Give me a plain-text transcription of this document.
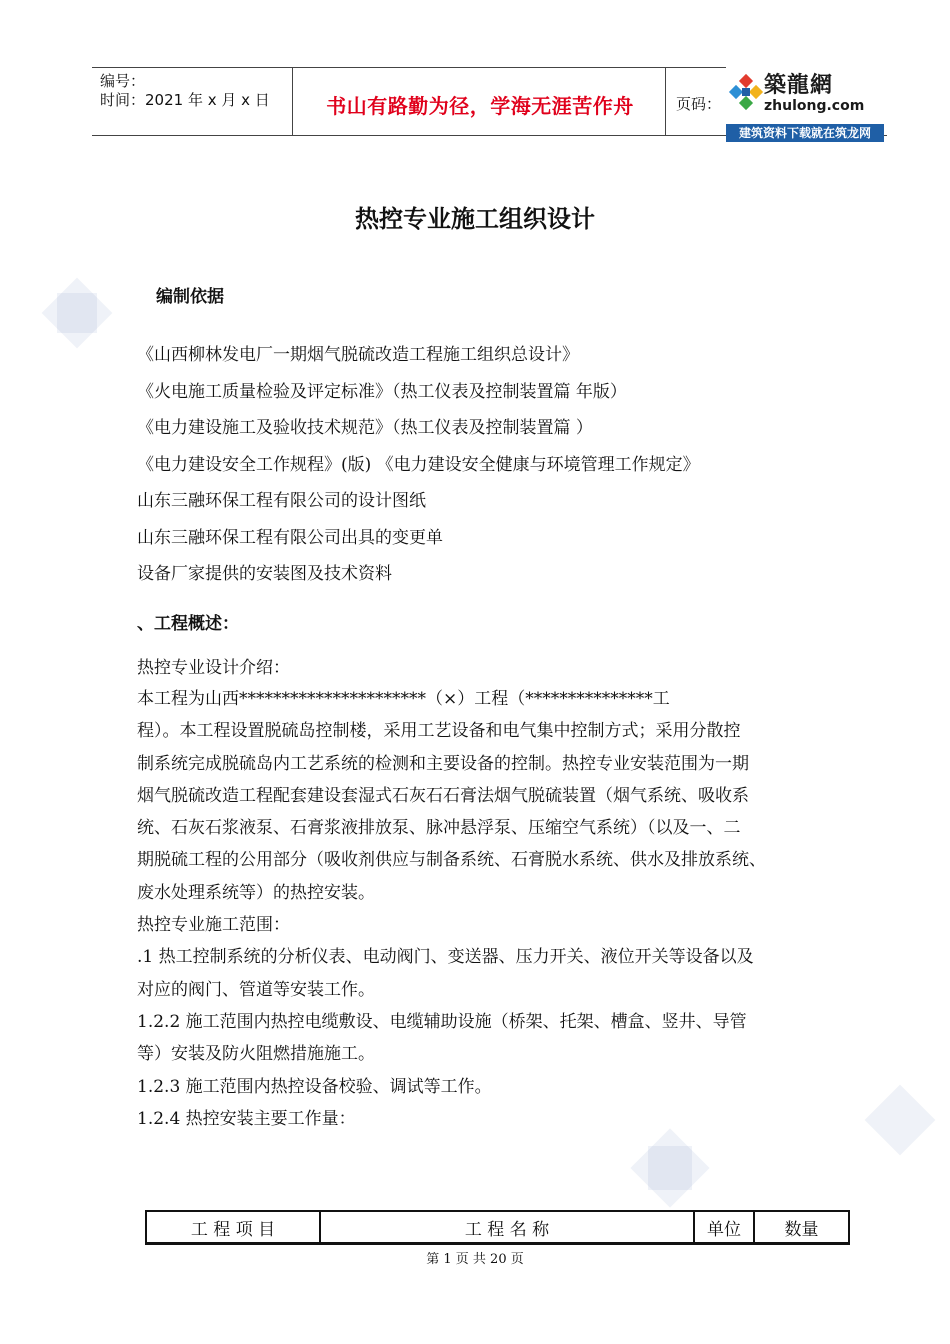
编号：
时间：2021 年 x 月 x 日	书山有路勤为径，学海无涯苦作舟	页码：
築龍網
zhulong.com
建筑资料下载就在筑龙网
热控专业施工组织设计
编制依据
《山西柳林发电厂一期烟气脱硫改造工程施工组织总设计》
《火电施工质量检验及评定标准》（热工仪表及控制装置篇 年版）
《电力建设施工及验收技术规范》（热工仪表及控制装置篇 ）
《电力建设安全工作规程》(版) 《电力建设安全健康与环境管理工作规定》
山东三融环保工程有限公司的设计图纸
山东三融环保工程有限公司出具的变更单
设备厂家提供的安装图及技术资料
、工程概述：
热控专业设计介绍：
本工程为山西**********************（×）工程（***************工
程）。本工程设置脱硫岛控制楼，采用工艺设备和电气集中控制方式；采用分散控
制系统完成脱硫岛内工艺系统的检测和主要设备的控制。热控专业安装范围为一期
烟气脱硫改造工程配套建设套湿式石灰石石膏法烟气脱硫装置（烟气系统、吸收系
统、石灰石浆液泵、石膏浆液排放泵、脉冲悬浮泵、压缩空气系统）（以及一、二
期脱硫工程的公用部分（吸收剂供应与制备系统、石膏脱水系统、供水及排放系统、
废水处理系统等）的热控安装。
热控专业施工范围：
.1 热工控制系统的分析仪表、电动阀门、变送器、压力开关、液位开关等设备以及
对应的阀门、管道等安装工作。
1.2.2 施工范围内热控电缆敷设、电缆辅助设施（桥架、托架、槽盒、竖井、导管
等）安装及防火阻燃措施施工。
1.2.3 施工范围内热控设备校验、调试等工作。
1.2.4 热控安装主要工作量：
工 程 项 目	工 程 名 称	单位	数量
第 1 页 共 20 页
